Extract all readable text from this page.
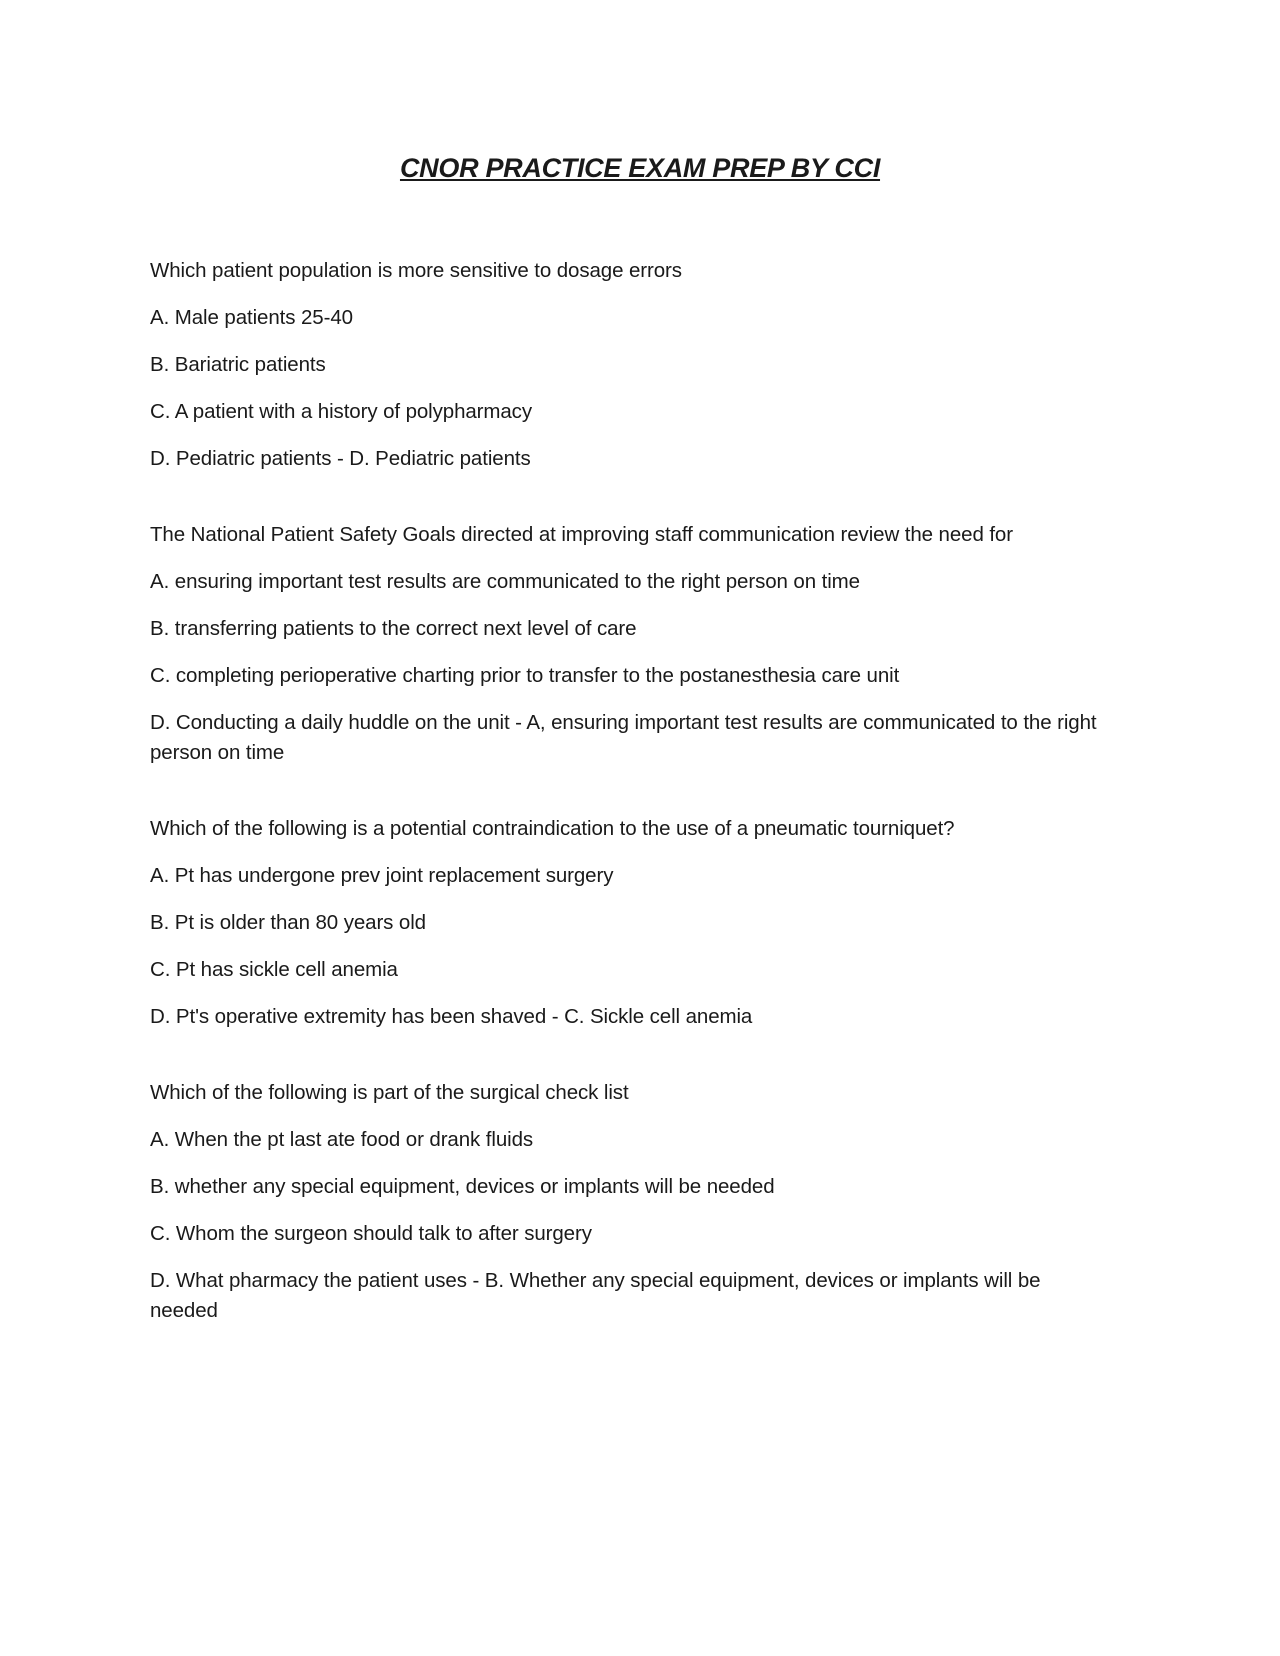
CNOR PRACTICE EXAM PREP BY CCI

Which patient population is more sensitive to dosage errors

A. Male patients 25-40

B. Bariatric patients

C. A patient with a history of polypharmacy

D. Pediatric patients - D. Pediatric patients

The National Patient Safety Goals directed at improving staff communication review the need for

A. ensuring important test results are communicated to the right person on time

B. transferring patients to the correct next level of care

C. completing perioperative charting prior to transfer to the postanesthesia care unit

D. Conducting a daily huddle on the unit - A, ensuring important test results are communicated to the right person on time

Which of the following is a potential contraindication to the use of a pneumatic tourniquet?

A. Pt has undergone prev joint replacement surgery

B. Pt is older than 80 years old

C. Pt has sickle cell anemia

D. Pt's operative extremity has been shaved - C. Sickle cell anemia

Which of the following is part of the surgical check list

A. When the pt last ate food or drank fluids

B. whether any special equipment, devices or implants will be needed

C. Whom the surgeon should talk to after surgery

D. What pharmacy the patient uses - B. Whether any special equipment, devices or implants will be needed
